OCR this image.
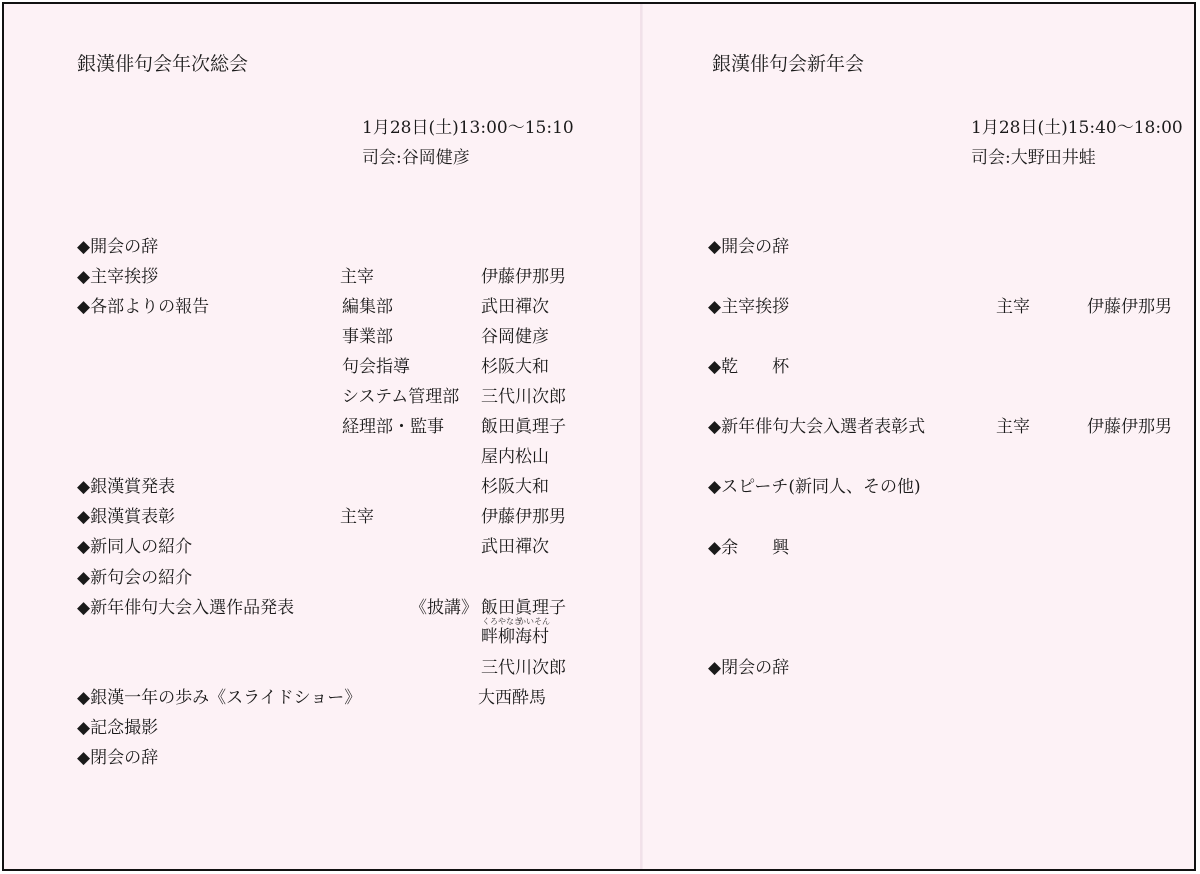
銀漢俳句会年次総会
1月28日(土)13:00～15:10
司会:谷岡健彦
◆開会の辞
◆主宰挨拶	主宰	伊藤伊那男
◆各部よりの報告	編集部	武田禪次
事業部	谷岡健彦
句会指導	杉阪大和
システム管理部 三代川次郎
経理部・監事 飯田眞理子
屋内松山
◆銀漢賞発表	杉阪大和
◆銀漢賞表彰	主宰	伊藤伊那男
◆新同人の紹介	武田禪次
◆新句会の紹介
◆新年俳句大会入選作品発表	《披講》 飯田眞理子
くろやなぎ
かいそん
畔柳海村
三代川次郎
◆銀漢一年の歩み《スライドショー》	大西酔馬
◆記念撮影
◆閉会の辞
銀漢俳句会新年会
1月28日(土)15:40～18:00
司会:大野田井蛙
◆開会の辞
◆主宰挨拶	主宰	伊藤伊那男
◆乾　　杯
◆新年俳句大会入選者表彰式	主宰	伊藤伊那男
◆スピーチ(新同人、その他)
◆余　　興
◆閉会の辞
